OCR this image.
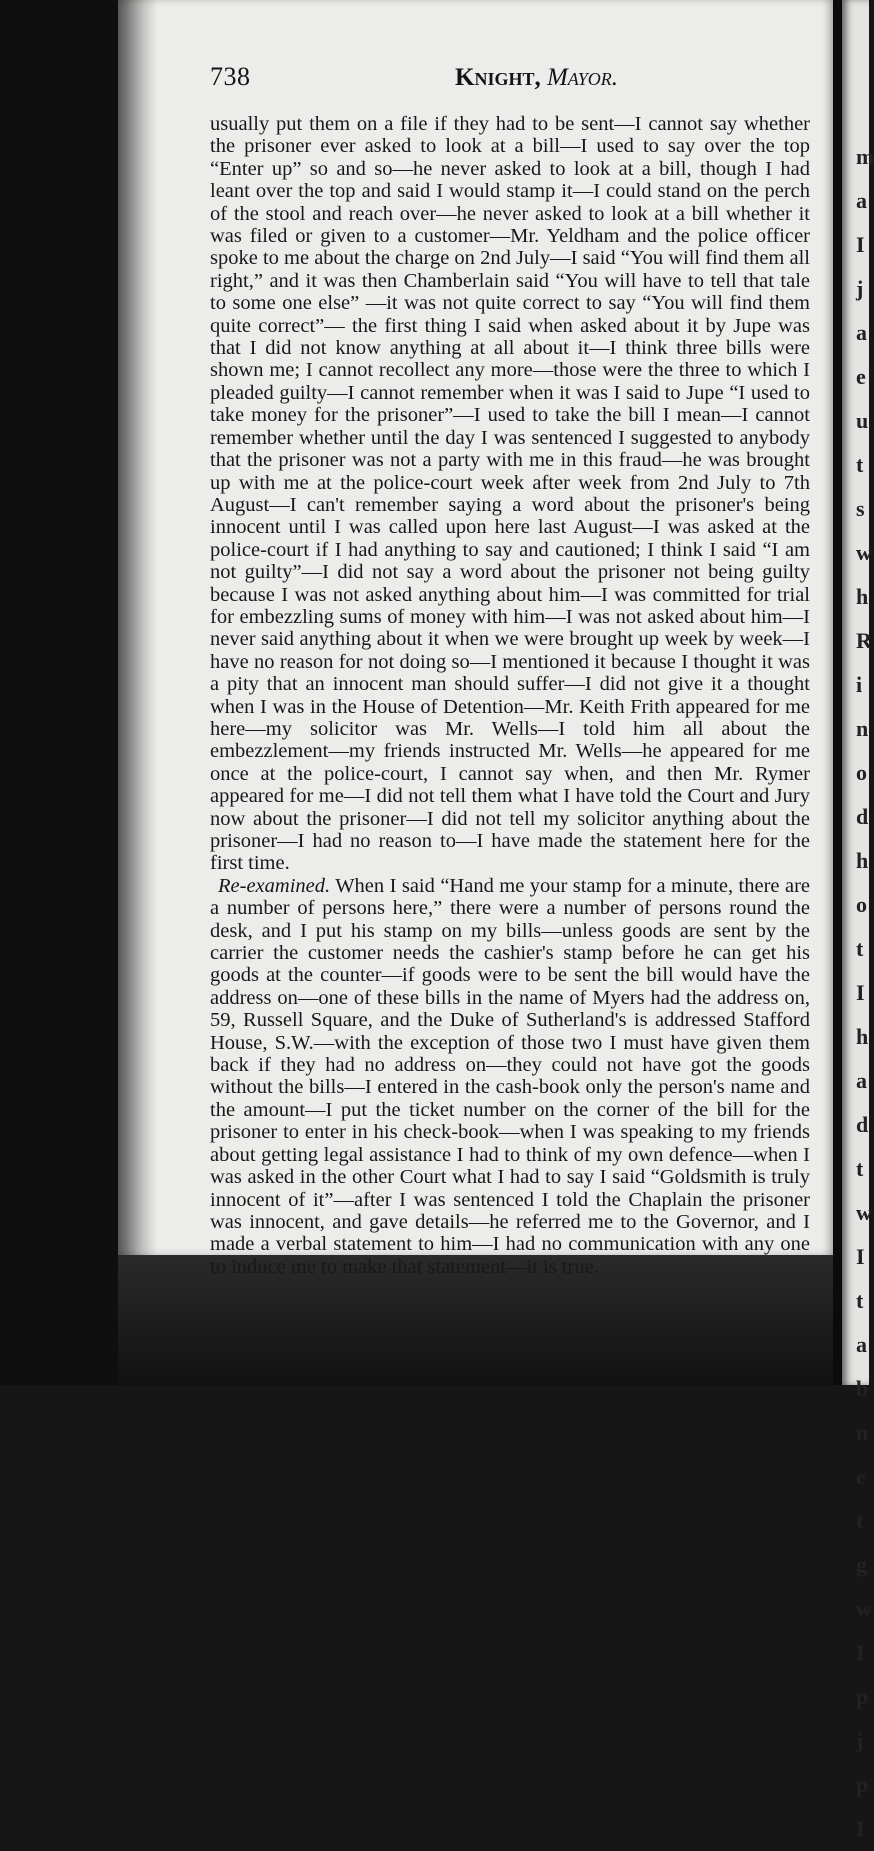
m
a
I
j
a
e
u
t
s
w
h
R
i
n
o
d
h
o
t
I
h
a
d
t
w
I
t
a
b
n
e
t
g
w
I
p
j
p
I
738	Knight, Mayor.

usually put them on a file if they had to be sent—I cannot say whether the prisoner ever asked to look at a bill—I used to say over the top “Enter up” so and so—he never asked to look at a bill, though I had leant over the top and said I would stamp it—I could stand on the perch of the stool and reach over—he never asked to look at a bill whether it was filed or given to a customer—Mr. Yeldham and the police officer spoke to me about the charge on 2nd July—I said “You will find them all right,” and it was then Chamberlain said “You will have to tell that tale to some one else” —it was not quite correct to say “You will find them quite correct”— the first thing I said when asked about it by Jupe was that I did not know anything at all about it—I think three bills were shown me; I cannot recollect any more—those were the three to which I pleaded guilty—I cannot remember when it was I said to Jupe “I used to take money for the prisoner”—I used to take the bill I mean—I cannot remember whether until the day I was sentenced I suggested to anybody that the prisoner was not a party with me in this fraud—he was brought up with me at the police-court week after week from 2nd July to 7th August—I can't remember saying a word about the prisoner's being innocent until I was called upon here last August—I was asked at the police-court if I had anything to say and cautioned; I think I said “I am not guilty”—I did not say a word about the prisoner not being guilty because I was not asked anything about him—I was committed for trial for embezzling sums of money with him—I was not asked about him—I never said anything about it when we were brought up week by week—I have no reason for not doing so—I mentioned it because I thought it was a pity that an innocent man should suffer—I did not give it a thought when I was in the House of Detention—Mr. Keith Frith appeared for me here—my solicitor was Mr. Wells—I told him all about the embezzlement—my friends instructed Mr. Wells—he appeared for me once at the police-court, I cannot say when, and then Mr. Rymer appeared for me—I did not tell them what I have told the Court and Jury now about the prisoner—I did not tell my solicitor anything about the prisoner—I had no reason to—I have made the statement here for the first time.

Re-examined. When I said “Hand me your stamp for a minute, there are a number of persons here,” there were a number of persons round the desk, and I put his stamp on my bills—unless goods are sent by the carrier the customer needs the cashier's stamp before he can get his goods at the counter—if goods were to be sent the bill would have the address on—one of these bills in the name of Myers had the address on, 59, Russell Square, and the Duke of Sutherland's is addressed Stafford House, S.W.—with the exception of those two I must have given them back if they had no address on—they could not have got the goods without the bills—I entered in the cash-book only the person's name and the amount—I put the ticket number on the corner of the bill for the prisoner to enter in his check-book—when I was speaking to my friends about getting legal assistance I had to think of my own defence—when I was asked in the other Court what I had to say I said “Goldsmith is truly innocent of it”—after I was sentenced I told the Chaplain the prisoner was innocent, and gave details—he referred me to the Governor, and I made a verbal statement to him—I had no communication with any one to induce me to make that statement—it is true.
